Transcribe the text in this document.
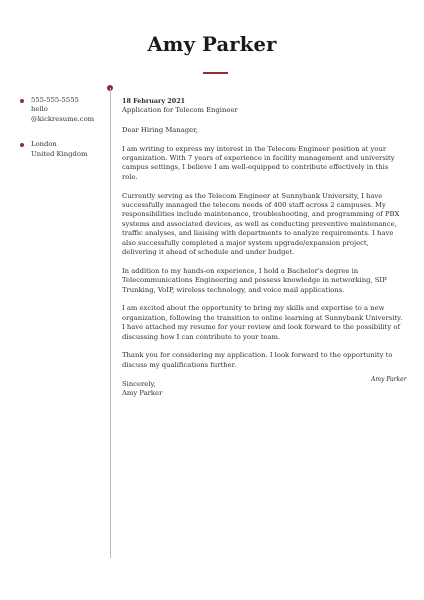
Amy Parker
555-555-5555
hello
@kickresume.com
London
United Kingdom
18 February 2021
Application for Telecom Engineer

Dear Hiring Manager,

I am writing to express my interest in the Telecom Engineer position at your organization. With 7 years of experience in facility management and university campus settings, I believe I am well-equipped to contribute effectively in this role.

Currently serving as the Telecom Engineer at Sunnybank University, I have successfully managed the telecom needs of 400 staff across 2 campuses. My responsibilities include maintenance, troubleshooting, and programming of PBX systems and associated devices, as well as conducting preventive maintenance, traffic analyses, and liaising with departments to analyze requirements. I have also successfully completed a major system upgrade/expansion project, delivering it ahead of schedule and under budget.

In addition to my hands-on experience, I hold a Bachelor's degree in Telecommunications Engineering and possess knowledge in networking, SIP Trunking, VoIP, wireless technology, and voice mail applications.

I am excited about the opportunity to bring my skills and expertise to a new organization, following the transition to online learning at Sunnybank University. I have attached my resume for your review and look forward to the possibility of discussing how I can contribute to your team.

Thank you for considering my application. I look forward to the opportunity to discuss my qualifications further.

Sincerely,
Amy Parker
Amy Parker
